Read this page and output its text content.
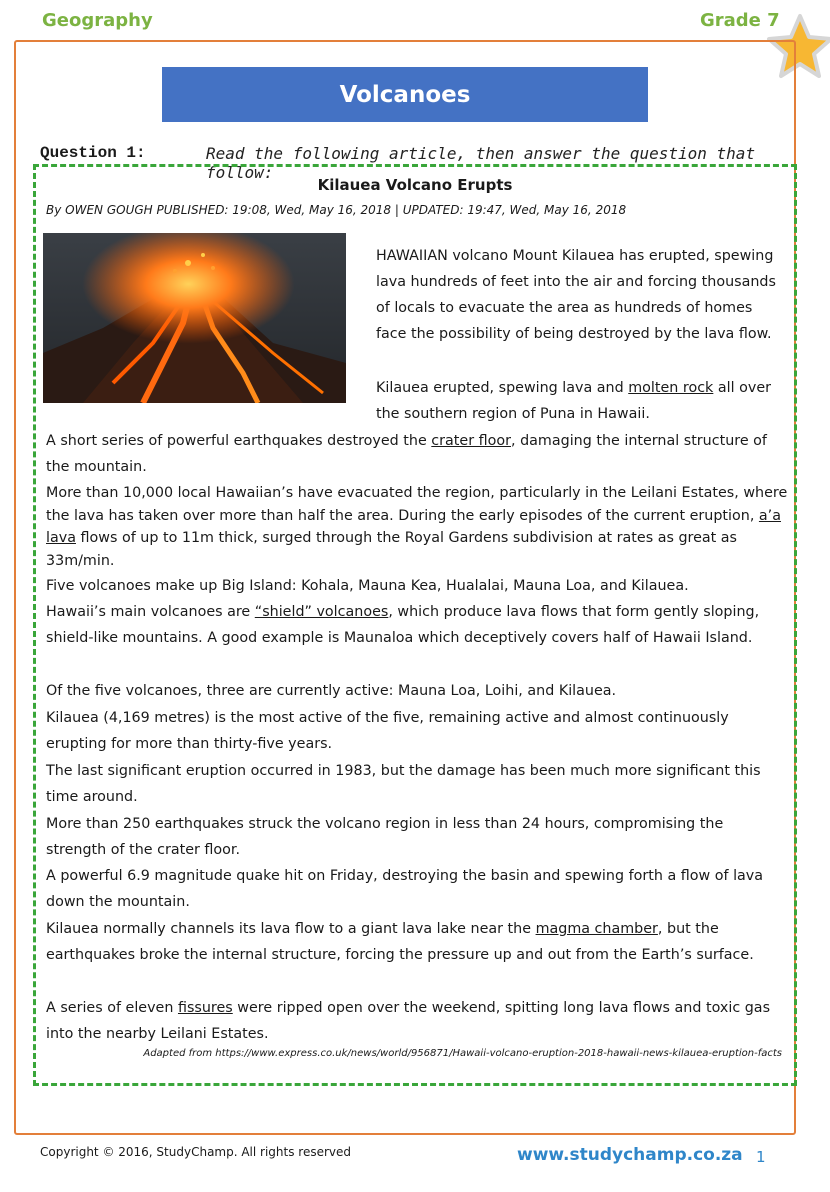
Geography	Grade 7
Volcanoes
Question 1:	Read the following article, then answer the question that follow:
Kilauea Volcano Erupts
By OWEN GOUGH PUBLISHED: 19:08, Wed, May 16, 2018 | UPDATED: 19:47, Wed, May 16, 2018

HAWAIIAN volcano Mount Kilauea has erupted, spewing lava hundreds of feet into the air and forcing thousands of locals to evacuate the area as hundreds of homes face the possibility of being destroyed by the lava flow.

Kilauea erupted, spewing lava and molten rock all over the southern region of Puna in Hawaii.

A short series of powerful earthquakes destroyed the crater floor, damaging the internal structure of the mountain.

More than 10,000 local Hawaiian’s have evacuated the region, particularly in the Leilani Estates, where the lava has taken over more than half the area. During the early episodes of the current eruption, a’a lava flows of up to 11m thick, surged through the Royal Gardens subdivision at rates as great as 33m/min.

Five volcanoes make up Big Island: Kohala, Mauna Kea, Hualalai, Mauna Loa, and Kilauea.

Hawaii’s main volcanoes are “shield” volcanoes, which produce lava flows that form gently sloping, shield-like mountains. A good example is Maunaloa which deceptively covers half of Hawaii Island.

Of the five volcanoes, three are currently active: Mauna Loa, Loihi, and Kilauea.

Kilauea (4,169 metres) is the most active of the five, remaining active and almost continuously erupting for more than thirty-five years.

The last significant eruption occurred in 1983, but the damage has been much more significant this time around.

More than 250 earthquakes struck the volcano region in less than 24 hours, compromising the strength of the crater floor.

A powerful 6.9 magnitude quake hit on Friday, destroying the basin and spewing forth a flow of lava down the mountain.

Kilauea normally channels its lava flow to a giant lava lake near the magma chamber, but the earthquakes broke the internal structure, forcing the pressure up and out from the Earth’s surface.

A series of eleven fissures were ripped open over the weekend, spitting long lava flows and toxic gas into the nearby Leilani Estates.

Adapted from https://www.express.co.uk/news/world/956871/Hawaii-volcano-eruption-2018-hawaii-news-kilauea-eruption-facts
Copyright © 2016, StudyChamp. All rights reserved	www.studychamp.co.za 1
